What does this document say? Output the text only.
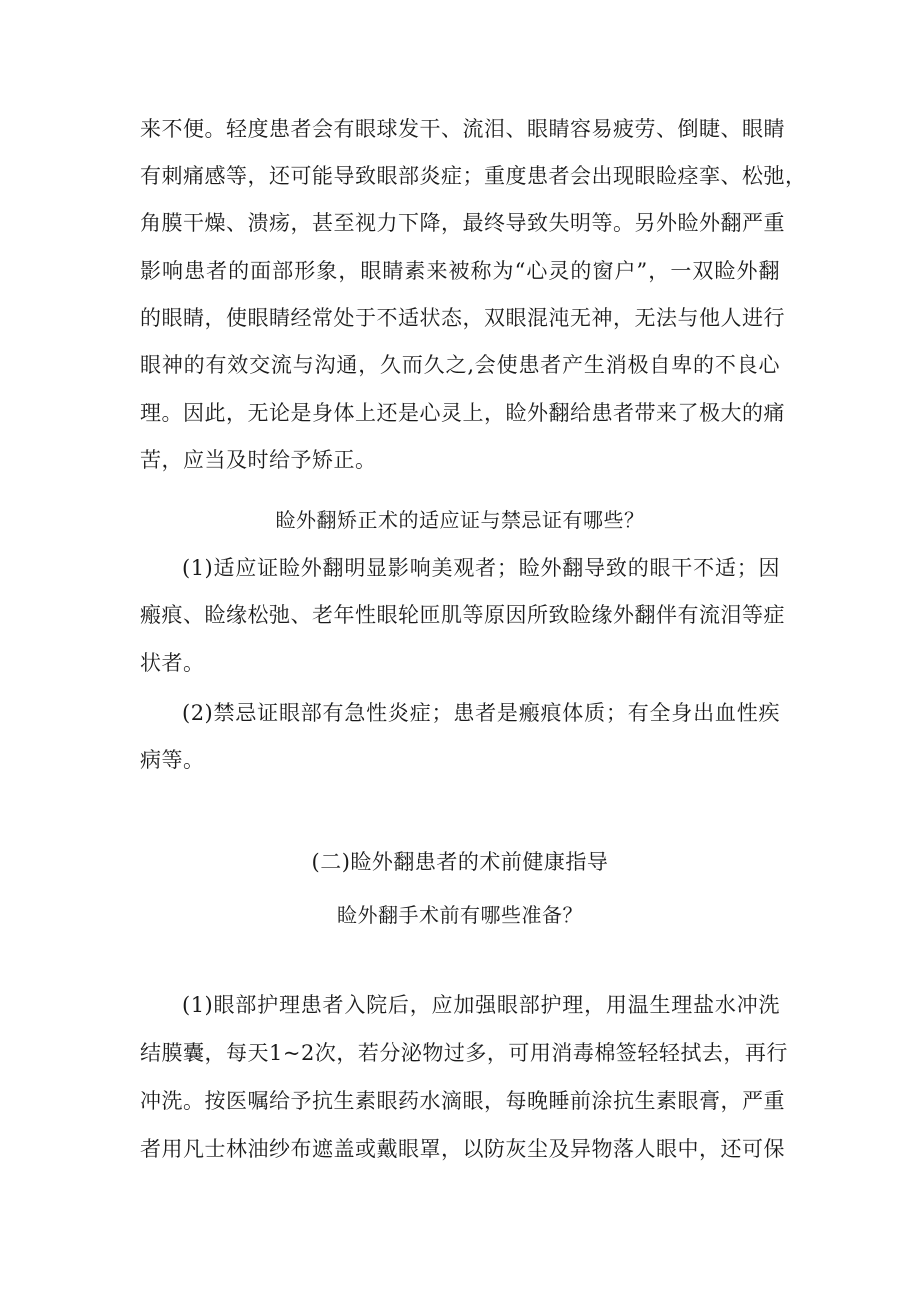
来不便。轻度患者会有眼球发干、流泪、眼睛容易疲劳、倒睫、眼睛
有刺痛感等，还可能导致眼部炎症；重度患者会出现眼睑痉挛、松弛，
角膜干燥、溃疡，甚至视力下降，最终导致失明等。另外睑外翻严重
影响患者的面部形象，眼睛素来被称为“心灵的窗户”，一双睑外翻
的眼睛，使眼睛经常处于不适状态，双眼混沌无神，无法与他人进行
眼神的有效交流与沟通，久而久之,会使患者产生消极自卑的不良心
理。因此，无论是身体上还是心灵上，睑外翻给患者带来了极大的痛
苦，应当及时给予矫正。
睑外翻矫正术的适应证与禁忌证有哪些？
(1)适应证睑外翻明显影响美观者；睑外翻导致的眼干不适；因
瘢痕、睑缘松弛、老年性眼轮匝肌等原因所致睑缘外翻伴有流泪等症
状者。
(2)禁忌证眼部有急性炎症；患者是瘢痕体质；有全身出血性疾
病等。
(二)睑外翻患者的术前健康指导
睑外翻手术前有哪些准备？
(1)眼部护理患者入院后，应加强眼部护理，用温生理盐水冲洗
结膜囊，每天1~2次，若分泌物过多，可用消毒棉签轻轻拭去，再行
冲洗。按医嘱给予抗生素眼药水滴眼，每晚睡前涂抗生素眼膏，严重
者用凡士林油纱布遮盖或戴眼罩，以防灰尘及异物落人眼中，还可保
